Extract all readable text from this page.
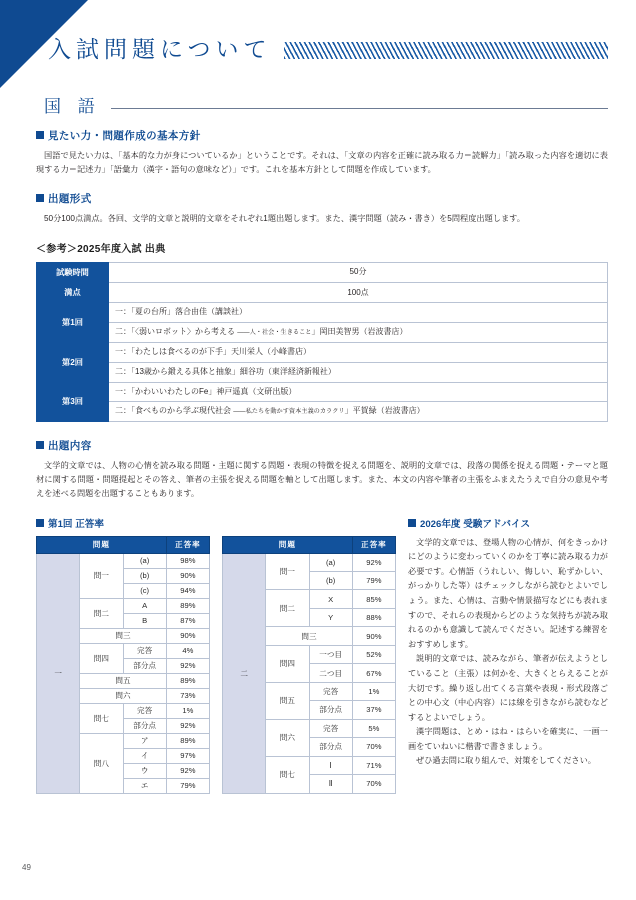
入試問題について
国 語
見たい力・問題作成の基本方針

国語で見たい力は、「基本的な力が身についているか」ということです。それは、「文章の内容を正確に読み取る力＝読解力」「読み取った内容を適切に表現する力＝記述力」「語彙力（漢字・語句の意味など）」です。これを基本方針として問題を作成しています。

出題形式

50分100点満点。各回、文学的文章と説明的文章をそれぞれ1題出題します。また、漢字問題（読み・書き）を5問程度出題します。

＜参考＞2025年度入試 出典
試験時間	50分
満点	100点
第1回	一：「夏の台所」落合由佳（講談社）
	二：「〈弱いロボット〉から考える ――人・社会・生きること」岡田美智男（岩波書店）
第2回	一：「わたしは食べるのが下手」天川栄人（小峰書店）
	二：「13歳から鍛える具体と抽象」細谷功（東洋経済新報社）
第3回	一：「かわいいわたしのFe」神戸遥真（文研出版）
	二：「食べものから学ぶ現代社会 ――私たちを動かす資本主義のカラクリ」平賀緑（岩波書店）
出題内容

文学的文章では、人物の心情を読み取る問題・主題に関する問題・表現の特徴を捉える問題を、説明的文章では、段落の関係を捉える問題・テーマと題材に関する問題・問題提起とその答え、筆者の主張を捉える問題を軸として出題します。また、本文の内容や筆者の主張をふまえたうえで自分の意見や考えを述べる問題を出題することもあります。

第1回 正答率
問題			正答率
一	問一	(a)	98%
		(b)	90%
		(c)	94%
	問二	A	89%
		B	87%
	問三		90%
	問四	完答	4%
		部分点	92%
	問五		89%
	問六		73%
	問七	完答	1%
		部分点	92%
	問八	ア	89%
		イ	97%
		ウ	92%
		エ	79%
問題			正答率
二	問一	(a)	92%
		(b)	79%
	問二	X	85%
		Y	88%
	問三		90%
	問四	一つ目	52%
		二つ目	67%
	問五	完答	1%
		部分点	37%
	問六	完答	5%
		部分点	70%
	問七	Ⅰ	71%
		Ⅱ	70%
2026年度 受験アドバイス

文学的文章では、登場人物の心情が、何をきっかけにどのように変わっていくのかを丁寧に読み取る力が必要です。心情語（うれしい、悔しい、恥ずかしい、がっかりした等）はチェックしながら読むとよいでしょう。また、心情は、言動や情景描写などにも表れますので、それらの表現からどのような気持ちが読み取れるのかも意識して読んでください。記述する練習をおすすめします。

説明的文章では、読みながら、筆者が伝えようとしていること（主張）は何かを、大きくとらえることが大切です。繰り返し出てくる言葉や表現・形式段落ごとの中心文（中心内容）には線を引きながら読むなどするとよいでしょう。

漢字問題は、とめ・はね・はらいを確実に、一画一画をていねいに楷書で書きましょう。

ぜひ過去問に取り組んで、対策をしてください。

49
